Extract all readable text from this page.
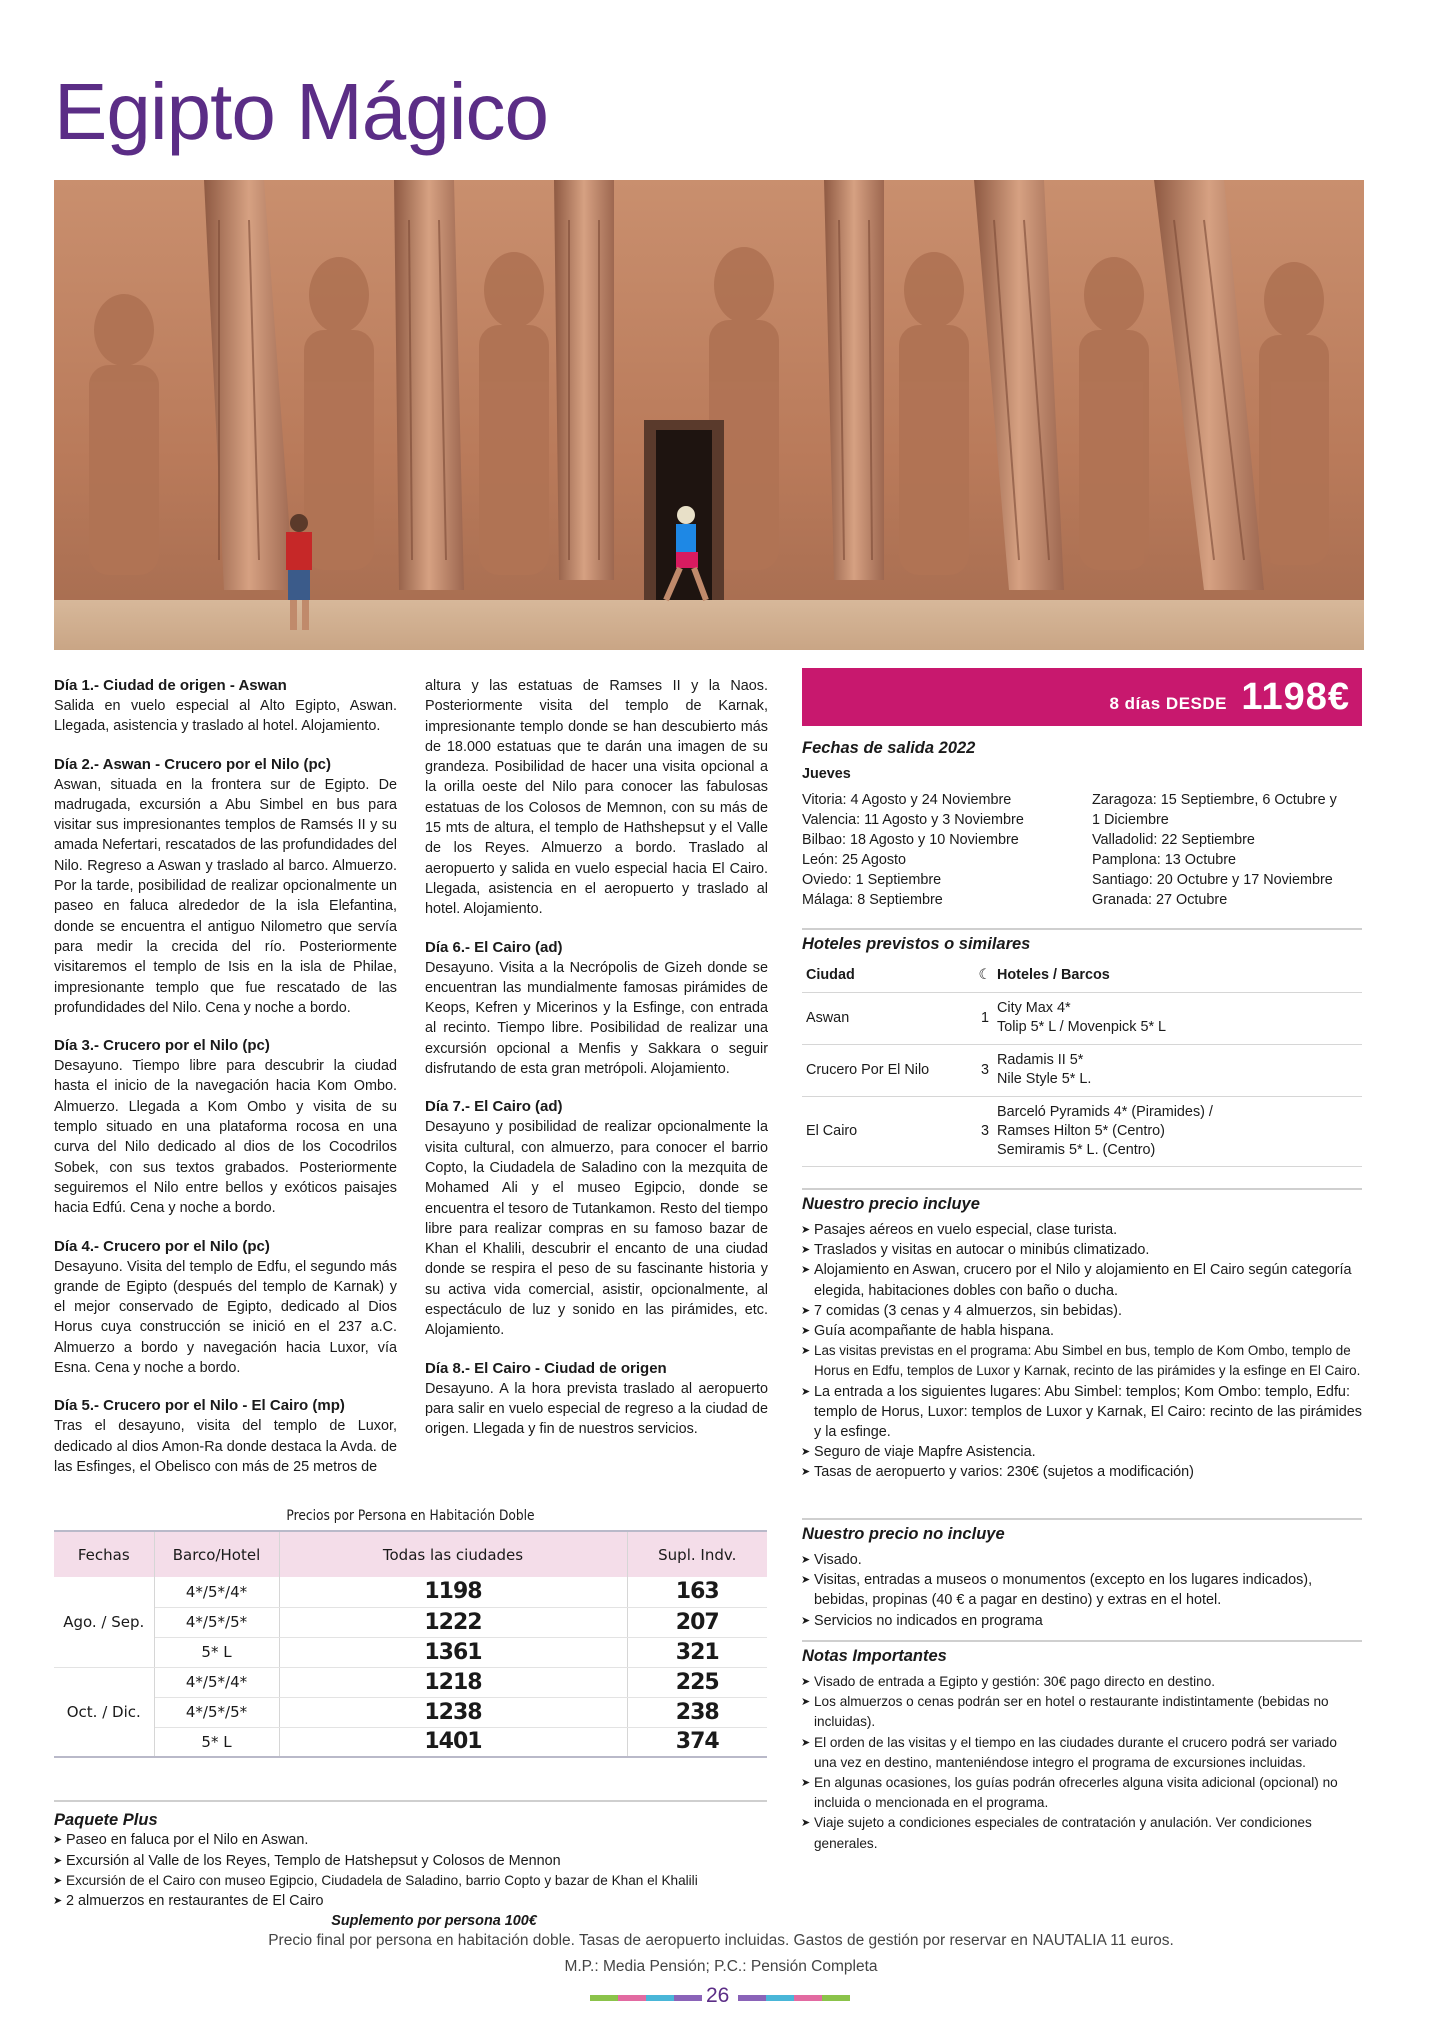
Egipto Mágico
Día 1.- Ciudad de origen - Aswan

Salida en vuelo especial al Alto Egipto, Aswan. Llegada, asistencia y traslado al hotel. Alojamiento.

Día 2.- Aswan - Crucero por el Nilo (pc)

Aswan, situada en la frontera sur de Egipto. De madrugada, excursión a Abu Simbel en bus para visitar sus impresionantes templos de Ramsés II y su amada Nefertari, rescatados de las profundidades del Nilo. Regreso a Aswan y traslado al barco. Almuerzo. Por la tarde, posibilidad de realizar opcionalmente un paseo en faluca alrededor de la isla Elefantina, donde se encuentra el antiguo Nilometro que servía para medir la crecida del río. Posteriormente visitaremos el templo de Isis en la isla de Philae, impresionante templo que fue rescatado de las profundidades del Nilo. Cena y noche a bordo.

Día 3.- Crucero por el Nilo (pc)

Desayuno. Tiempo libre para descubrir la ciudad hasta el inicio de la navegación hacia Kom Ombo. Almuerzo. Llegada a Kom Ombo y visita de su templo situado en una plataforma rocosa en una curva del Nilo dedicado al dios de los Cocodrilos Sobek, con sus textos grabados. Posteriormente seguiremos el Nilo entre bellos y exóticos paisajes hacia Edfú. Cena y noche a bordo.

Día 4.- Crucero por el Nilo (pc)

Desayuno. Visita del templo de Edfu, el segundo más grande de Egipto (después del templo de Karnak) y el mejor conservado de Egipto, dedicado al Dios Horus cuya construcción se inició en el 237 a.C. Almuerzo a bordo y navegación hacia Luxor, vía Esna. Cena y noche a bordo.

Día 5.- Crucero por el Nilo - El Cairo (mp)

Tras el desayuno, visita del templo de Luxor, dedicado al dios Amon-Ra donde destaca la Avda. de las Esfinges, el Obelisco con más de 25 metros de

altura y las estatuas de Ramses II y la Naos. Posteriormente visita del templo de Karnak, impresionante templo donde se han descubierto más de 18.000 estatuas que te darán una imagen de su grandeza. Posibilidad de hacer una visita opcional a la orilla oeste del Nilo para conocer las fabulosas estatuas de los Colosos de Memnon, con su más de 15 mts de altura, el templo de Hathshepsut y el Valle de los Reyes. Almuerzo a bordo. Traslado al aeropuerto y salida en vuelo especial hacia El Cairo. Llegada, asistencia en el aeropuerto y traslado al hotel. Alojamiento.

Día 6.- El Cairo (ad)

Desayuno. Visita a la Necrópolis de Gizeh donde se encuentran las mundialmente famosas pirámides de Keops, Kefren y Micerinos y la Esfinge, con entrada al recinto. Tiempo libre. Posibilidad de realizar una excursión opcional a Menfis y Sakkara o seguir disfrutando de esta gran metrópoli. Alojamiento.

Día 7.- El Cairo (ad)

Desayuno y posibilidad de realizar opcionalmente la visita cultural, con almuerzo, para conocer el barrio Copto, la Ciudadela de Saladino con la mezquita de Mohamed Ali y el museo Egipcio, donde se encuentra el tesoro de Tutankamon. Resto del tiempo libre para realizar compras en su famoso bazar de Khan el Khalili, descubrir el encanto de una ciudad donde se respira el peso de su fascinante historia y su activa vida comercial, asistir, opcionalmente, al espectáculo de luz y sonido en las pirámides, etc. Alojamiento.

Día 8.- El Cairo - Ciudad de origen

Desayuno. A la hora prevista traslado al aeropuerto para salir en vuelo especial de regreso a la ciudad de origen. Llegada y fin de nuestros servicios.

8 días DESDE 1198€
Fechas de salida 2022
Jueves
Vitoria: 4 Agosto y 24 Noviembre
Valencia: 11 Agosto y 3 Noviembre
Bilbao: 18 Agosto y 10 Noviembre
León: 25 Agosto
Oviedo: 1 Septiembre
Málaga: 8 Septiembre
Zaragoza: 15 Septiembre, 6 Octubre y
1 Diciembre
Valladolid: 22 Septiembre
Pamplona: 13 Octubre
Santiago: 20 Octubre y 17 Noviembre
Granada: 27 Octubre
Hoteles previstos o similares
Ciudad	☾	Hoteles / Barcos
Aswan	1	City Max 4*
Tolip 5* L / Movenpick 5* L

Crucero Por El Nilo	3	Radamis II 5*
Nile Style 5* L.

El Cairo	3	Barceló Pyramids 4* (Piramides) /
Ramses Hilton 5* (Centro)
Semiramis 5* L. (Centro)
Nuestro precio incluye
➤ Pasajes aéreos en vuelo especial, clase turista.
➤ Traslados y visitas en autocar o minibús climatizado.
➤ Alojamiento en Aswan, crucero por el Nilo y alojamiento en El Cairo según categoría elegida, habitaciones dobles con baño o ducha.
➤ 7 comidas (3 cenas y 4 almuerzos, sin bebidas).
➤ Guía acompañante de habla hispana.
➤ Las visitas previstas en el programa: Abu Simbel en bus, templo de Kom Ombo, templo de Horus en Edfu, templos de Luxor y Karnak, recinto de las pirámides y la esfinge en El Cairo.
➤ La entrada a los siguientes lugares: Abu Simbel: templos; Kom Ombo: templo, Edfu: templo de Horus, Luxor: templos de Luxor y Karnak, El Cairo: recinto de las pirámides y la esfinge.
➤ Seguro de viaje Mapfre Asistencia.
➤ Tasas de aeropuerto y varios: 230€ (sujetos a modificación)
Nuestro precio no incluye
➤ Visado.
➤ Visitas, entradas a museos o monumentos (excepto en los lugares indicados), bebidas, propinas (40 € a pagar en destino) y extras en el hotel.
➤ Servicios no indicados en programa
Notas Importantes
➤ Visado de entrada a Egipto y gestión: 30€ pago directo en destino.
➤ Los almuerzos o cenas podrán ser en hotel o restaurante indistintamente (bebidas no incluidas).
➤ El orden de las visitas y el tiempo en las ciudades durante el crucero podrá ser variado una vez en destino, manteniéndose integro el programa de excursiones incluidas.
➤ En algunas ocasiones, los guías podrán ofrecerles alguna visita adicional (opcional) no incluida o mencionada en el programa.
➤ Viaje sujeto a condiciones especiales de contratación y anulación. Ver condiciones generales.
Precios por Persona en Habitación Doble
Fechas	Barco/Hotel	Todas las ciudades	Supl. Indv.
Ago. / Sep.	4*/5*/4*	1198	163
	4*/5*/5*	1222	207
	5* L	1361	321
Oct. / Dic.	4*/5*/4*	1218	225
	4*/5*/5*	1238	238
	5* L	1401	374
Paquete Plus
➤ Paseo en faluca por el Nilo en Aswan.
➤ Excursión al Valle de los Reyes, Templo de Hatshepsut y Colosos de Mennon
➤ Excursión de el Cairo con museo Egipcio, Ciudadela de Saladino, barrio Copto y bazar de Khan el Khalili
➤ 2 almuerzos en restaurantes de El Cairo
Suplemento por persona 100€
Precio final por persona en habitación doble. Tasas de aeropuerto incluidas. Gastos de gestión por reservar en NAUTALIA 11 euros.
M.P.: Media Pensión; P.C.: Pensión Completa
26
